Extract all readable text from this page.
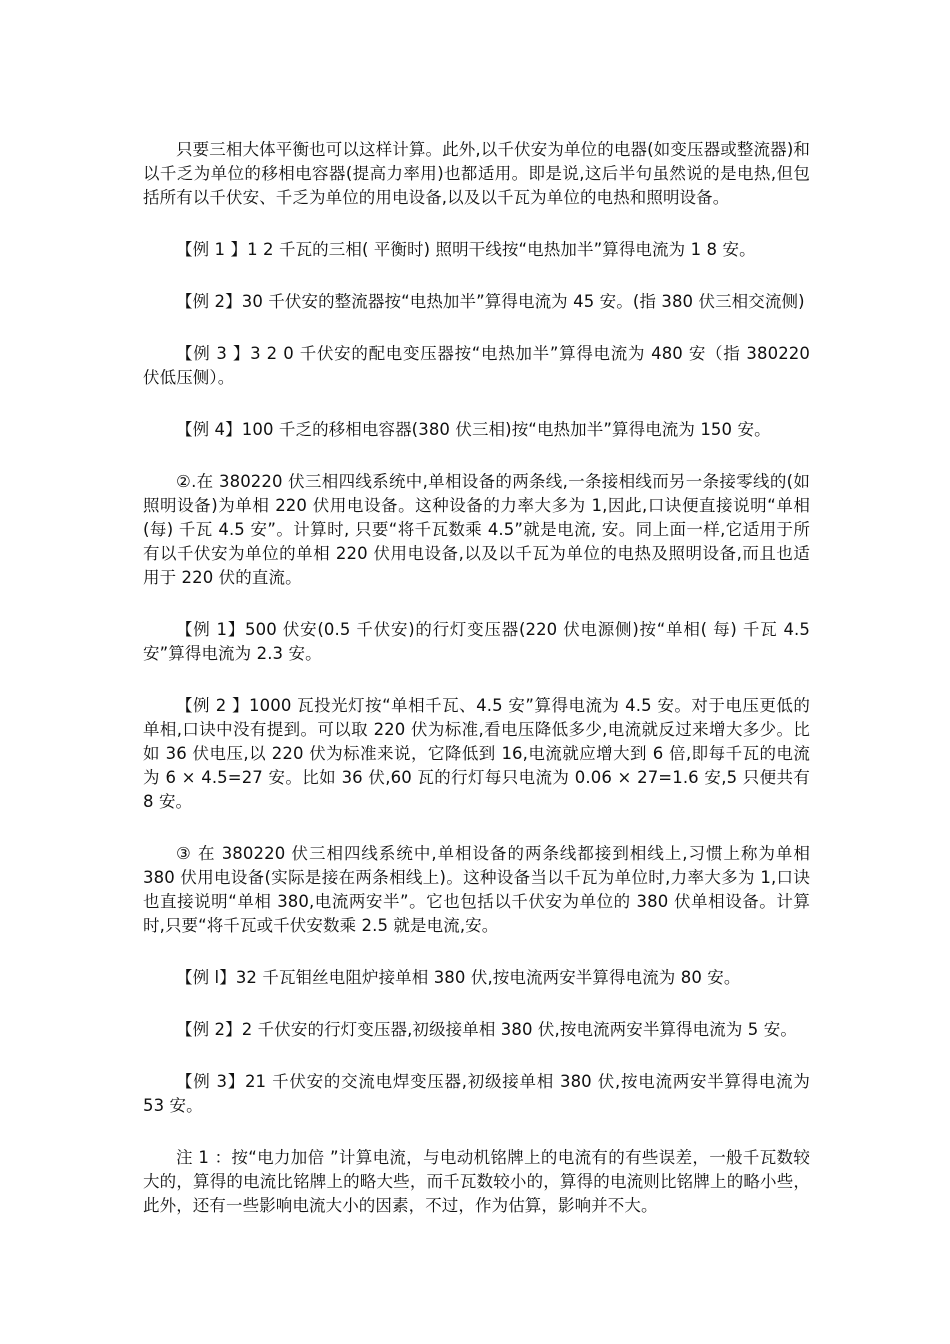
只要三相大体平衡也可以这样计算。此外,以千伏安为单位的电器(如变压器或整流器)和以千乏为单位的移相电容器(提高力率用)也都适用。即是说,这后半句虽然说的是电热,但包括所有以千伏安、千乏为单位的用电设备,以及以千瓦为单位的电热和照明设备。

【例 1 】1 2 千瓦的三相( 平衡时) 照明干线按“电热加半”算得电流为 1 8 安。

【例 2】30 千伏安的整流器按“电热加半”算得电流为 45 安。(指 380 伏三相交流侧)

【例 3 】3 2 0 千伏安的配电变压器按“电热加半”算得电流为 480 安（指 380220 伏低压侧）。

【例 4】100 千乏的移相电容器(380 伏三相)按“电热加半”算得电流为 150 安。

②.在 380220 伏三相四线系统中,单相设备的两条线,一条接相线而另一条接零线的(如照明设备)为单相 220 伏用电设备。这种设备的力率大多为 1,因此,口诀便直接说明“单相(每) 千瓦 4.5 安”。计算时, 只要“将千瓦数乘 4.5”就是电流, 安。同上面一样,它适用于所有以千伏安为单位的单相 220 伏用电设备,以及以千瓦为单位的电热及照明设备,而且也适用于 220 伏的直流。

【例 1】500 伏安(0.5 千伏安)的行灯变压器(220 伏电源侧)按“单相( 每) 千瓦 4.5 安”算得电流为 2.3 安。

【例 2 】1000 瓦投光灯按“单相千瓦、4.5 安”算得电流为 4.5 安。对于电压更低的单相,口诀中没有提到。可以取 220 伏为标准,看电压降低多少,电流就反过来增大多少。比如 36 伏电压,以 220 伏为标准来说，它降低到 16,电流就应增大到 6 倍,即每千瓦的电流为 6 × 4.5=27 安。比如 36 伏,60 瓦的行灯每只电流为 0.06 × 27=1.6 安,5 只便共有 8 安。

③ 在 380220 伏三相四线系统中,单相设备的两条线都接到相线上,习惯上称为单相 380 伏用电设备(实际是接在两条相线上)。这种设备当以千瓦为单位时,力率大多为 1,口诀也直接说明“单相 380,电流两安半”。它也包括以千伏安为单位的 380 伏单相设备。计算时,只要“将千瓦或千伏安数乘 2.5 就是电流,安。

【例 l】32 千瓦钼丝电阻炉接单相 380 伏,按电流两安半算得电流为 80 安。

【例 2】2 千伏安的行灯变压器,初级接单相 380 伏,按电流两安半算得电流为 5 安。

【例 3】21 千伏安的交流电焊变压器,初级接单相 380 伏,按电流两安半算得电流为 53 安。

注 1 ：按“电力加倍 ”计算电流，与电动机铭牌上的电流有的有些误差，一般千瓦数较大的，算得的电流比铭牌上的略大些，而千瓦数较小的，算得的电流则比铭牌上的略小些，此外，还有一些影响电流大小的因素，不过，作为估算，影响并不大。
